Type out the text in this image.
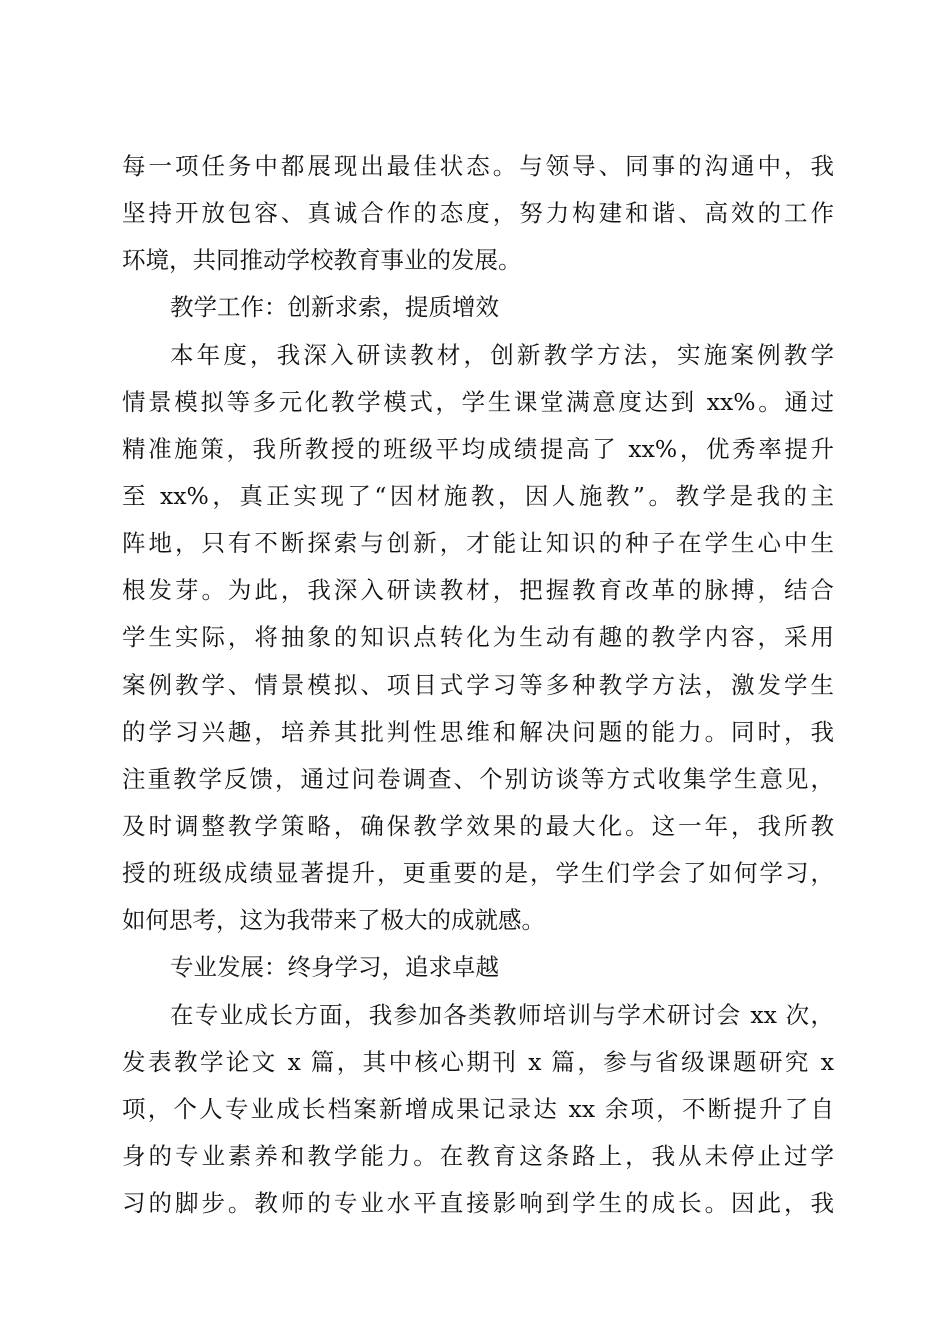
每一项任务中都展现出最佳状态。与领导、同事的沟通中，我
坚持开放包容、真诚合作的态度，努力构建和谐、高效的工作
环境，共同推动学校教育事业的发展。
教学工作：创新求索，提质增效
本年度，我深入研读教材，创新教学方法，实施案例教学
情景模拟等多元化教学模式，学生课堂满意度达到 xx%。通过
精准施策，我所教授的班级平均成绩提高了 xx%，优秀率提升
至 xx%，真正实现了“因材施教，因人施教”。教学是我的主
阵地，只有不断探索与创新，才能让知识的种子在学生心中生
根发芽。为此，我深入研读教材，把握教育改革的脉搏，结合
学生实际，将抽象的知识点转化为生动有趣的教学内容，采用
案例教学、情景模拟、项目式学习等多种教学方法，激发学生
的学习兴趣，培养其批判性思维和解决问题的能力。同时，我
注重教学反馈，通过问卷调查、个别访谈等方式收集学生意见，
及时调整教学策略，确保教学效果的最大化。这一年，我所教
授的班级成绩显著提升，更重要的是，学生们学会了如何学习，
如何思考，这为我带来了极大的成就感。
专业发展：终身学习，追求卓越
在专业成长方面，我参加各类教师培训与学术研讨会 xx 次，
发表教学论文 x 篇，其中核心期刊 x 篇，参与省级课题研究 x
项，个人专业成长档案新增成果记录达 xx 余项，不断提升了自
身的专业素养和教学能力。在教育这条路上，我从未停止过学
习的脚步。教师的专业水平直接影响到学生的成长。因此，我
